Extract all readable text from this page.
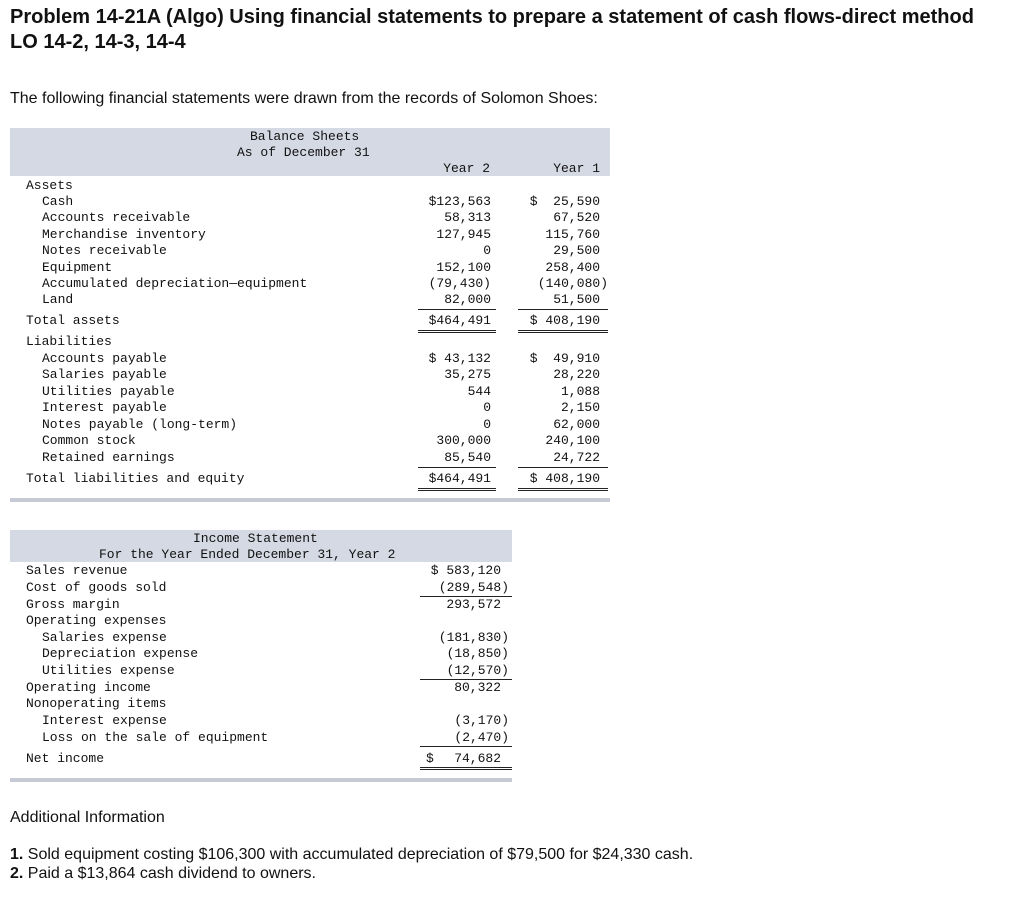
Problem 14-21A (Algo) Using financial statements to prepare a statement of cash flows-direct method
LO 14-2, 14-3, 14-4
The following financial statements were drawn from the records of Solomon Shoes:
Balance Sheets
As of December 31
Year 2	Year 1
Assets
Cash	$123,563	$  25,590
Accounts receivable	58,313	67,520
Merchandise inventory	127,945	115,760
Notes receivable	0	29,500
Equipment	152,100	258,400
Accumulated depreciation—equipment	(79,430)	(140,080)
Land	82,000	51,500
Total assets	$464,491	$ 408,190
Liabilities
Accounts payable	$ 43,132	$  49,910
Salaries payable	35,275	28,220
Utilities payable	544	1,088
Interest payable	0	2,150
Notes payable (long-term)	0	62,000
Common stock	300,000	240,100
Retained earnings	85,540	24,722
Total liabilities and equity	$464,491	$ 408,190
Income Statement
For the Year Ended December 31, Year 2
Sales revenue	$ 583,120
Cost of goods sold	(289,548)
Gross margin	293,572
Operating expenses
Salaries expense	(181,830)
Depreciation expense	(18,850)
Utilities expense	(12,570)
Operating income	80,322
Nonoperating items
Interest expense	(3,170)
Loss on the sale of equipment	(2,470)
Net income	$	74,682
Additional Information
1. Sold equipment costing $106,300 with accumulated depreciation of $79,500 for $24,330 cash.
2. Paid a $13,864 cash dividend to owners.
